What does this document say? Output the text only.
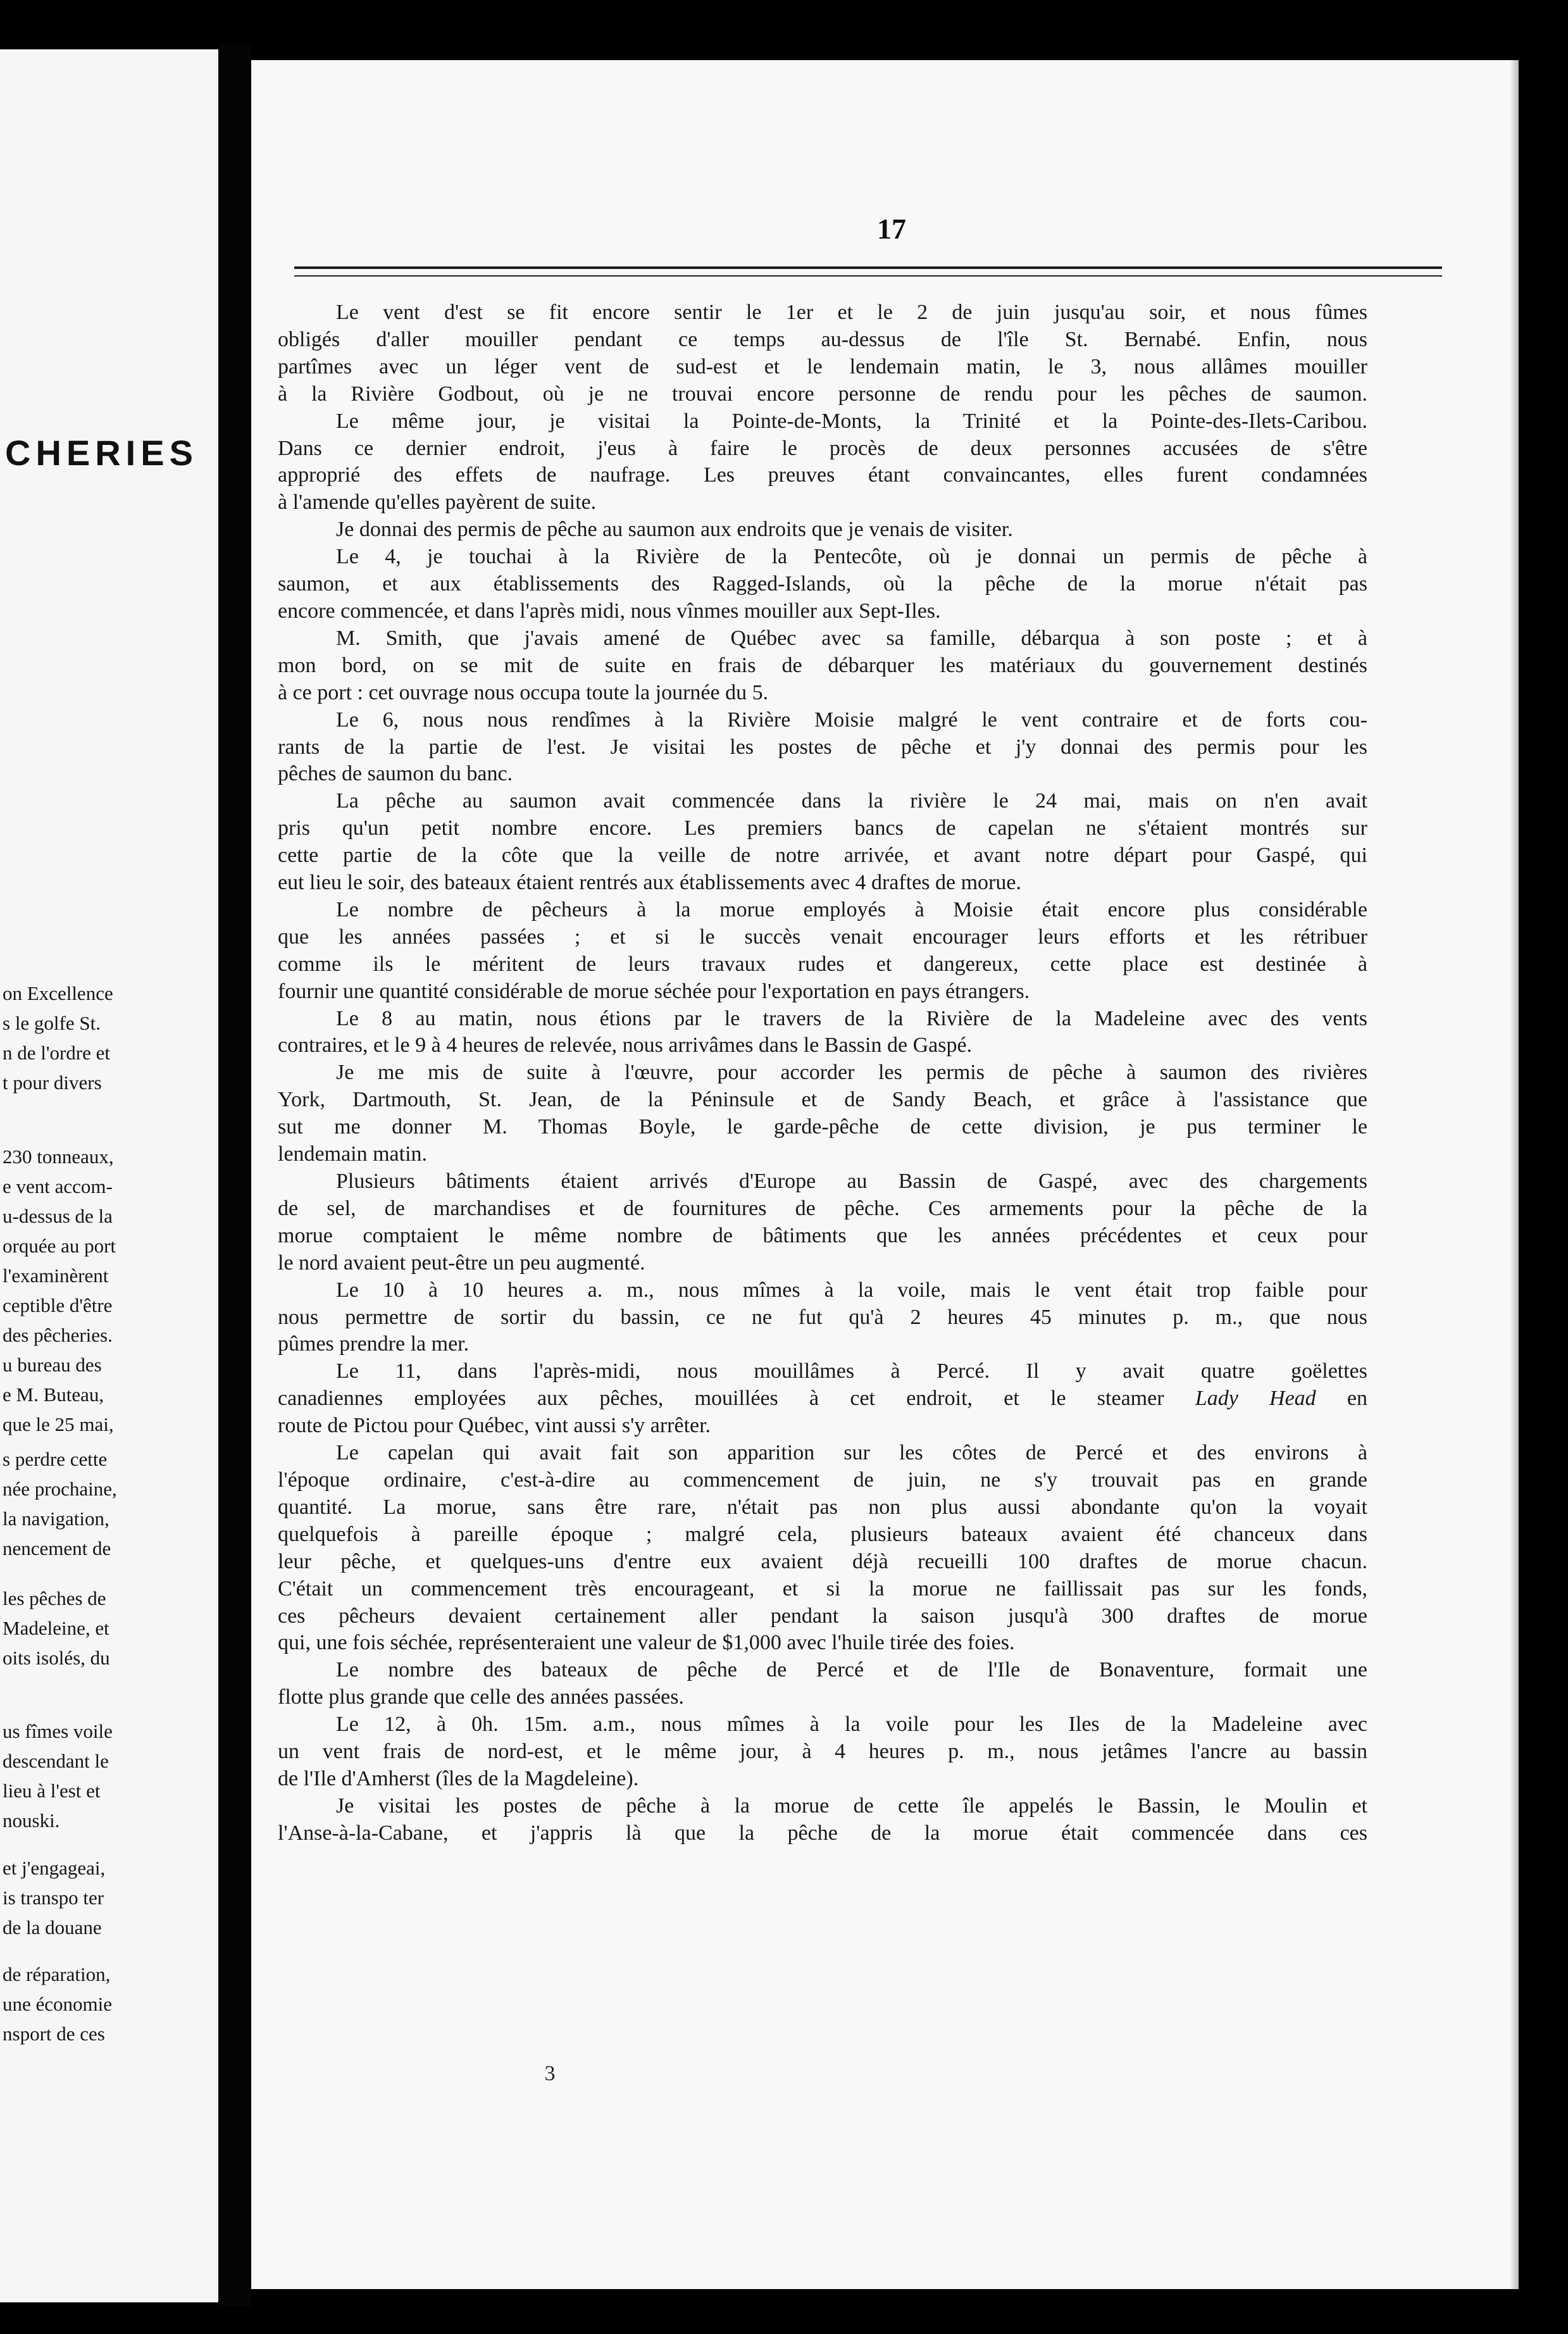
CHERIES
on Excellence
s le golfe St.
n de l'ordre et
t pour divers
230 tonneaux,
e vent accom-
u-dessus de la
orquée au port
l'examinèrent
ceptible d'être
des pêcheries.
u bureau des
e M. Buteau,
que le 25 mai,
s perdre cette
née prochaine,
la navigation,
nencement de
les pêches de
Madeleine, et
oits isolés, du
us fîmes voile
descendant le
lieu à l'est et
nouski.
et j'engageai,
is transpo ter
de la douane
de réparation,
une économie
nsport de ces
17
Le vent d'est se fit encore sentir le 1er et le 2 de juin jusqu'au soir, et nous fûmes
obligés d'aller mouiller pendant ce temps au-dessus de l'île St. Bernabé. Enfin, nous
partîmes avec un léger vent de sud-est et le lendemain matin, le 3, nous allâmes mouiller
à la Rivière Godbout, où je ne trouvai encore personne de rendu pour les pêches de saumon.
Le même jour, je visitai la Pointe-de-Monts, la Trinité et la Pointe-des-Ilets-Caribou.
Dans ce dernier endroit, j'eus à faire le procès de deux personnes accusées de s'être
approprié des effets de naufrage. Les preuves étant convaincantes, elles furent condamnées
à l'amende qu'elles payèrent de suite.
Je donnai des permis de pêche au saumon aux endroits que je venais de visiter.
Le 4, je touchai à la Rivière de la Pentecôte, où je donnai un permis de pêche à
saumon, et aux établissements des Ragged-Islands, où la pêche de la morue n'était pas
encore commencée, et dans l'après midi, nous vînmes mouiller aux Sept-Iles.
M. Smith, que j'avais amené de Québec avec sa famille, débarqua à son poste ; et à
mon bord, on se mit de suite en frais de débarquer les matériaux du gouvernement destinés
à ce port : cet ouvrage nous occupa toute la journée du 5.
Le 6, nous nous rendîmes à la Rivière Moisie malgré le vent contraire et de forts cou-
rants de la partie de l'est. Je visitai les postes de pêche et j'y donnai des permis pour les
pêches de saumon du banc.
La pêche au saumon avait commencée dans la rivière le 24 mai, mais on n'en avait
pris qu'un petit nombre encore. Les premiers bancs de capelan ne s'étaient montrés sur
cette partie de la côte que la veille de notre arrivée, et avant notre départ pour Gaspé, qui
eut lieu le soir, des bateaux étaient rentrés aux établissements avec 4 draftes de morue.
Le nombre de pêcheurs à la morue employés à Moisie était encore plus considérable
que les années passées ; et si le succès venait encourager leurs efforts et les rétribuer
comme ils le méritent de leurs travaux rudes et dangereux, cette place est destinée à
fournir une quantité considérable de morue séchée pour l'exportation en pays étrangers.
Le 8 au matin, nous étions par le travers de la Rivière de la Madeleine avec des vents
contraires, et le 9 à 4 heures de relevée, nous arrivâmes dans le Bassin de Gaspé.
Je me mis de suite à l'œuvre, pour accorder les permis de pêche à saumon des rivières
York, Dartmouth, St. Jean, de la Péninsule et de Sandy Beach, et grâce à l'assistance que
sut me donner M. Thomas Boyle, le garde-pêche de cette division, je pus terminer le
lendemain matin.
Plusieurs bâtiments étaient arrivés d'Europe au Bassin de Gaspé, avec des chargements
de sel, de marchandises et de fournitures de pêche. Ces armements pour la pêche de la
morue comptaient le même nombre de bâtiments que les années précédentes et ceux pour
le nord avaient peut-être un peu augmenté.
Le 10 à 10 heures a. m., nous mîmes à la voile, mais le vent était trop faible pour
nous permettre de sortir du bassin, ce ne fut qu'à 2 heures 45 minutes p. m., que nous
pûmes prendre la mer.
Le 11, dans l'après-midi, nous mouillâmes à Percé. Il y avait quatre goëlettes
canadiennes employées aux pêches, mouillées à cet endroit, et le steamer Lady Head en
route de Pictou pour Québec, vint aussi s'y arrêter.
Le capelan qui avait fait son apparition sur les côtes de Percé et des environs à
l'époque ordinaire, c'est-à-dire au commencement de juin, ne s'y trouvait pas en grande
quantité. La morue, sans être rare, n'était pas non plus aussi abondante qu'on la voyait
quelquefois à pareille époque ; malgré cela, plusieurs bateaux avaient été chanceux dans
leur pêche, et quelques-uns d'entre eux avaient déjà recueilli 100 draftes de morue chacun.
C'était un commencement très encourageant, et si la morue ne faillissait pas sur les fonds,
ces pêcheurs devaient certainement aller pendant la saison jusqu'à 300 draftes de morue
qui, une fois séchée, représenteraient une valeur de $1,000 avec l'huile tirée des foies.
Le nombre des bateaux de pêche de Percé et de l'Ile de Bonaventure, formait une
flotte plus grande que celle des années passées.
Le 12, à 0h. 15m. a.m., nous mîmes à la voile pour les Iles de la Madeleine avec
un vent frais de nord-est, et le même jour, à 4 heures p. m., nous jetâmes l'ancre au bassin
de l'Ile d'Amherst (îles de la Magdeleine).
Je visitai les postes de pêche à la morue de cette île appelés le Bassin, le Moulin et
l'Anse-à-la-Cabane, et j'appris là que la pêche de la morue était commencée dans ces
3
